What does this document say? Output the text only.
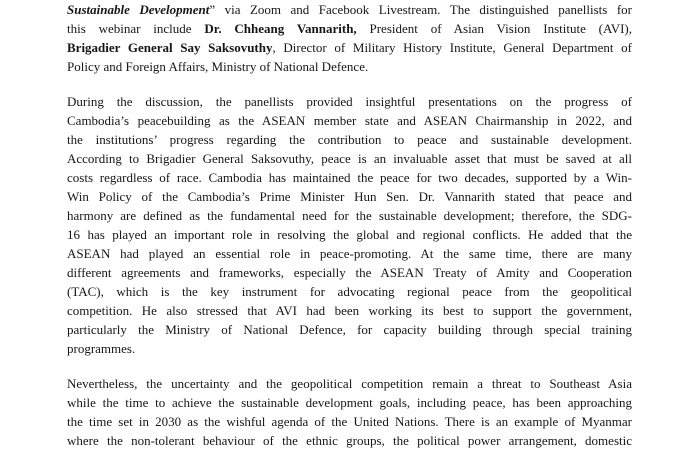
Sustainable Development” via Zoom and Facebook Livestream. The distinguished panellists for
this webinar include Dr. Chheang Vannarith, President of Asian Vision Institute (AVI),
Brigadier General Say Saksovuthy, Director of Military History Institute, General Department of
Policy and Foreign Affairs, Ministry of National Defence.
During the discussion, the panellists provided insightful presentations on the progress of
Cambodia’s peacebuilding as the ASEAN member state and ASEAN Chairmanship in 2022, and
the institutions’ progress regarding the contribution to peace and sustainable development.
According to Brigadier General Saksovuthy, peace is an invaluable asset that must be saved at all
costs regardless of race. Cambodia has maintained the peace for two decades, supported by a Win-
Win Policy of the Cambodia’s Prime Minister Hun Sen. Dr. Vannarith stated that peace and
harmony are defined as the fundamental need for the sustainable development; therefore, the SDG-
16 has played an important role in resolving the global and regional conflicts. He added that the
ASEAN had played an essential role in peace-promoting. At the same time, there are many
different agreements and frameworks, especially the ASEAN Treaty of Amity and Cooperation
(TAC), which is the key instrument for advocating regional peace from the geopolitical
competition. He also stressed that AVI had been working its best to support the government,
particularly the Ministry of National Defence, for capacity building through special training
programmes.
Nevertheless, the uncertainty and the geopolitical competition remain a threat to Southeast Asia
while the time to achieve the sustainable development goals, including peace, has been approaching
the time set in 2030 as the wishful agenda of the United Nations. There is an example of Myanmar
where the non-tolerant behaviour of the ethnic groups, the political power arrangement, domestic
